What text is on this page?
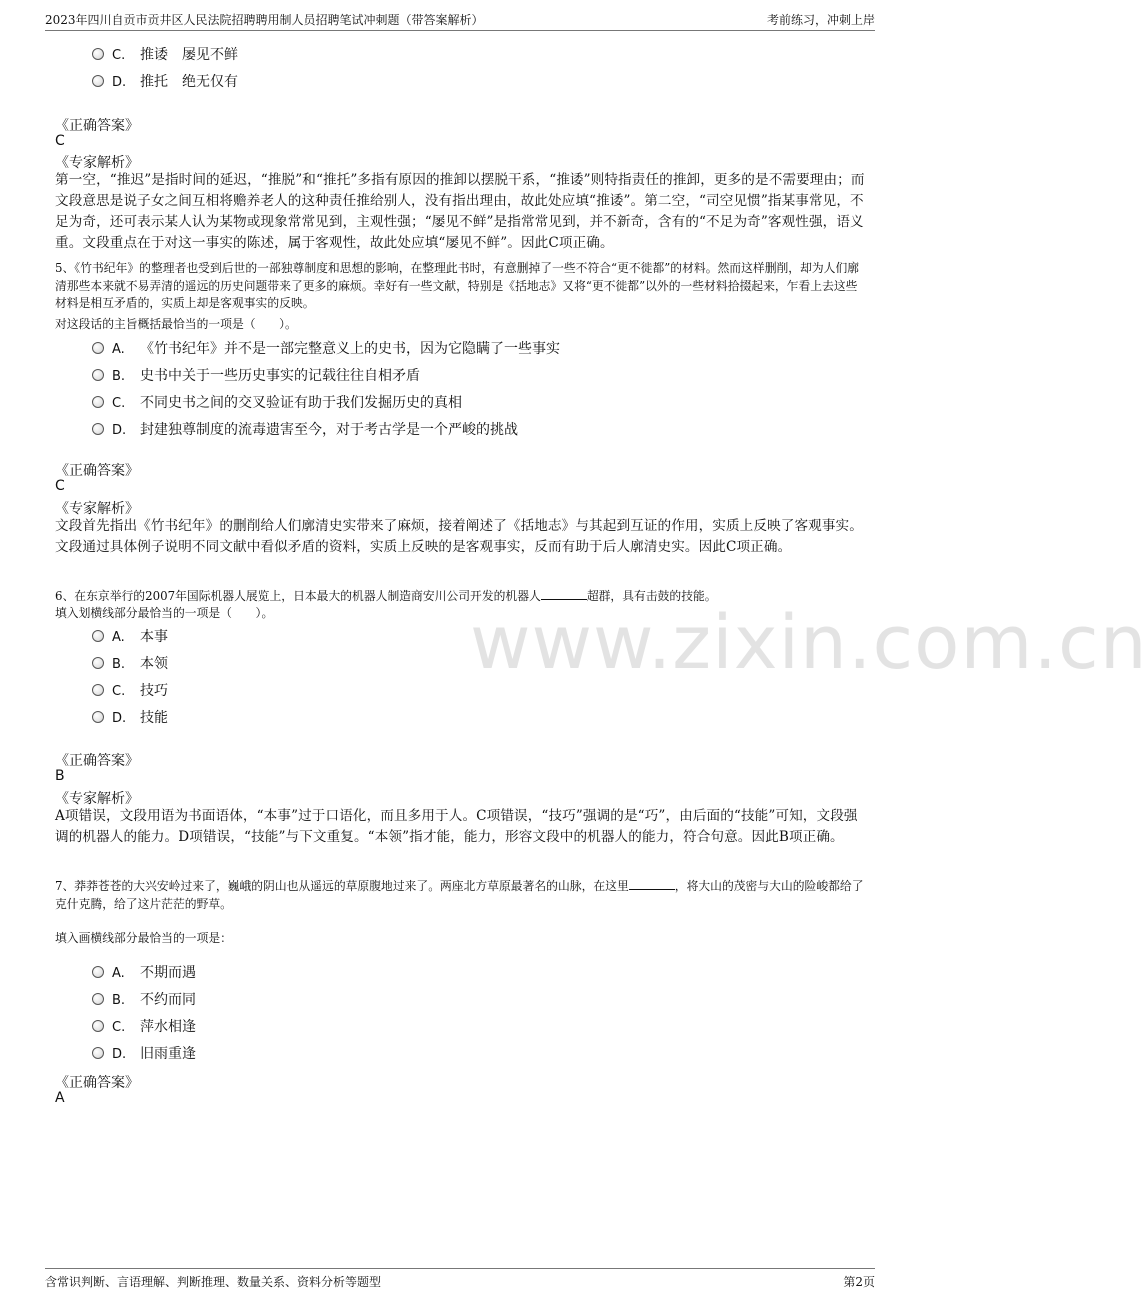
2023年四川自贡市贡井区人民法院招聘聘用制人员招聘笔试冲刺题（带答案解析）	考前练习，冲刺上岸
www.zixin.com.cn
C. 推诿　屡见不鲜
D. 推托　绝无仅有
《正确答案》
C
《专家解析》
第一空，“推迟”是指时间的延迟，“推脱”和“推托”多指有原因的推卸以摆脱干系，“推诿”则特指责任的推卸，更多的是不需要理由；而文段意思是说子女之间互相将赡养老人的这种责任推给别人，没有指出理由，故此处应填“推诿”。第二空，“司空见惯”指某事常见，不足为奇，还可表示某人认为某物或现象常常见到，主观性强；“屡见不鲜”是指常常见到，并不新奇，含有的“不足为奇”客观性强，语义重。文段重点在于对这一事实的陈述，属于客观性，故此处应填“屡见不鲜”。因此C项正确。
5、《竹书纪年》的整理者也受到后世的一部独尊制度和思想的影响，在整理此书时，有意删掉了一些不符合“更不徙都”的材料。然而这样删削，却为人们廓清那些本来就不易弄清的遥远的历史问题带来了更多的麻烦。幸好有一些文献，特别是《括地志》又将“更不徙都”以外的一些材料拾掇起来，乍看上去这些材料是相互矛盾的，实质上却是客观事实的反映。
对这段话的主旨概括最恰当的一项是（　　）。
A. 《竹书纪年》并不是一部完整意义上的史书，因为它隐瞒了一些事实
B. 史书中关于一些历史事实的记载往往自相矛盾
C. 不同史书之间的交叉验证有助于我们发掘历史的真相
D. 封建独尊制度的流毒遗害至今，对于考古学是一个严峻的挑战
《正确答案》
C
《专家解析》
文段首先指出《竹书纪年》的删削给人们廓清史实带来了麻烦，接着阐述了《括地志》与其起到互证的作用，实质上反映了客观事实。文段通过具体例子说明不同文献中看似矛盾的资料，实质上反映的是客观事实，反而有助于后人廓清史实。因此C项正确。
6、在东京举行的2007年国际机器人展览上，日本最大的机器人制造商安川公司开发的机器人	超群，具有击鼓的技能。
填入划横线部分最恰当的一项是（　　）。
A. 本事
B. 本领
C. 技巧
D. 技能
《正确答案》
B
《专家解析》
A项错误，文段用语为书面语体，“本事”过于口语化，而且多用于人。C项错误，“技巧”强调的是“巧”，由后面的“技能”可知，文段强调的机器人的能力。D项错误，“技能”与下文重复。“本领”指才能，能力，形容文段中的机器人的能力，符合句意。因此B项正确。
7、莽莽苍苍的大兴安岭过来了，巍峨的阴山也从遥远的草原腹地过来了。两座北方草原最著名的山脉，在这里	，将大山的茂密与大山的险峻都给了克什克腾，给了这片茫茫的野草。
填入画横线部分最恰当的一项是：
A. 不期而遇
B. 不约而同
C. 萍水相逢
D. 旧雨重逢
《正确答案》
A
含常识判断、言语理解、判断推理、数量关系、资料分析等题型	第2页
